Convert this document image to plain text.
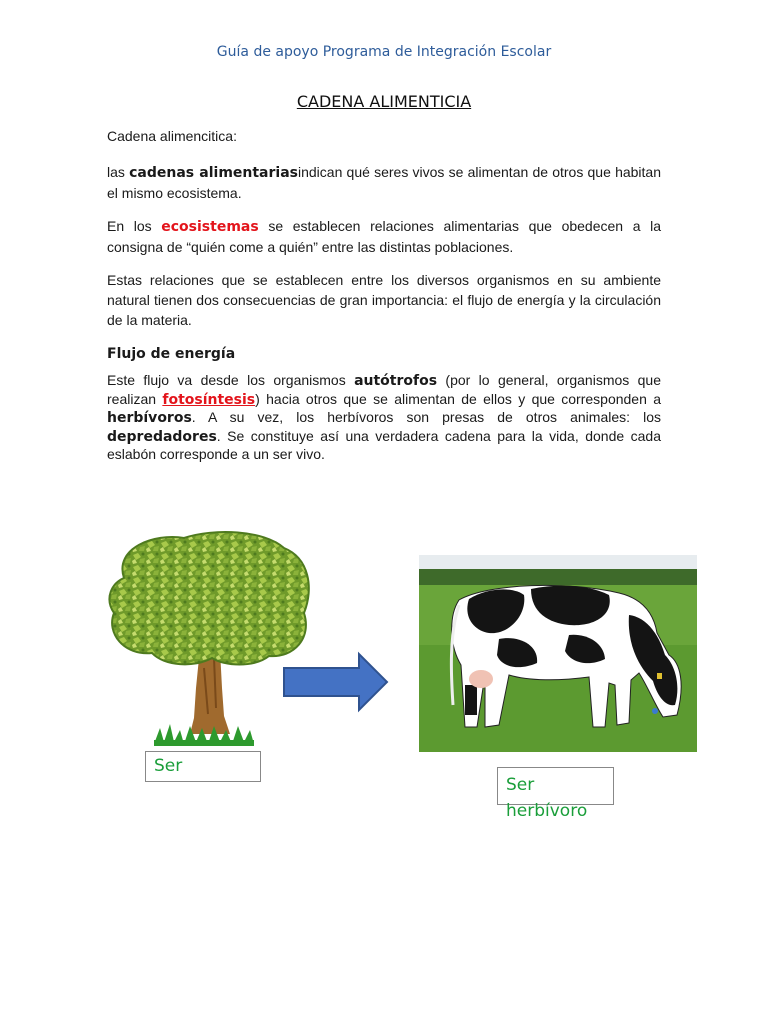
Guía de apoyo Programa de Integración Escolar
CADENA ALIMENTICIA

Cadena alimencitica:

las cadenas alimentariasindican qué seres vivos se alimentan de otros que habitan el mismo ecosistema.

En los ecosistemas se establecen relaciones alimentarias que obedecen a la consigna de “quién come a quién” entre las distintas poblaciones.

Estas relaciones que se establecen entre los diversos organismos en su ambiente natural tienen dos consecuencias de gran importancia: el flujo de energía y la circulación de la materia.

Flujo de energía

Este flujo va desde los organismos autótrofos (por lo general, organismos que realizan fotosíntesis) hacia otros que se alimentan de ellos y que corresponden a herbívoros. A su vez, los herbívoros son presas de otros animales: los depredadores. Se constituye así una verdadera cadena para la vida, donde cada eslabón corresponde a un ser vivo.

Ser
Ser
herbívoro
